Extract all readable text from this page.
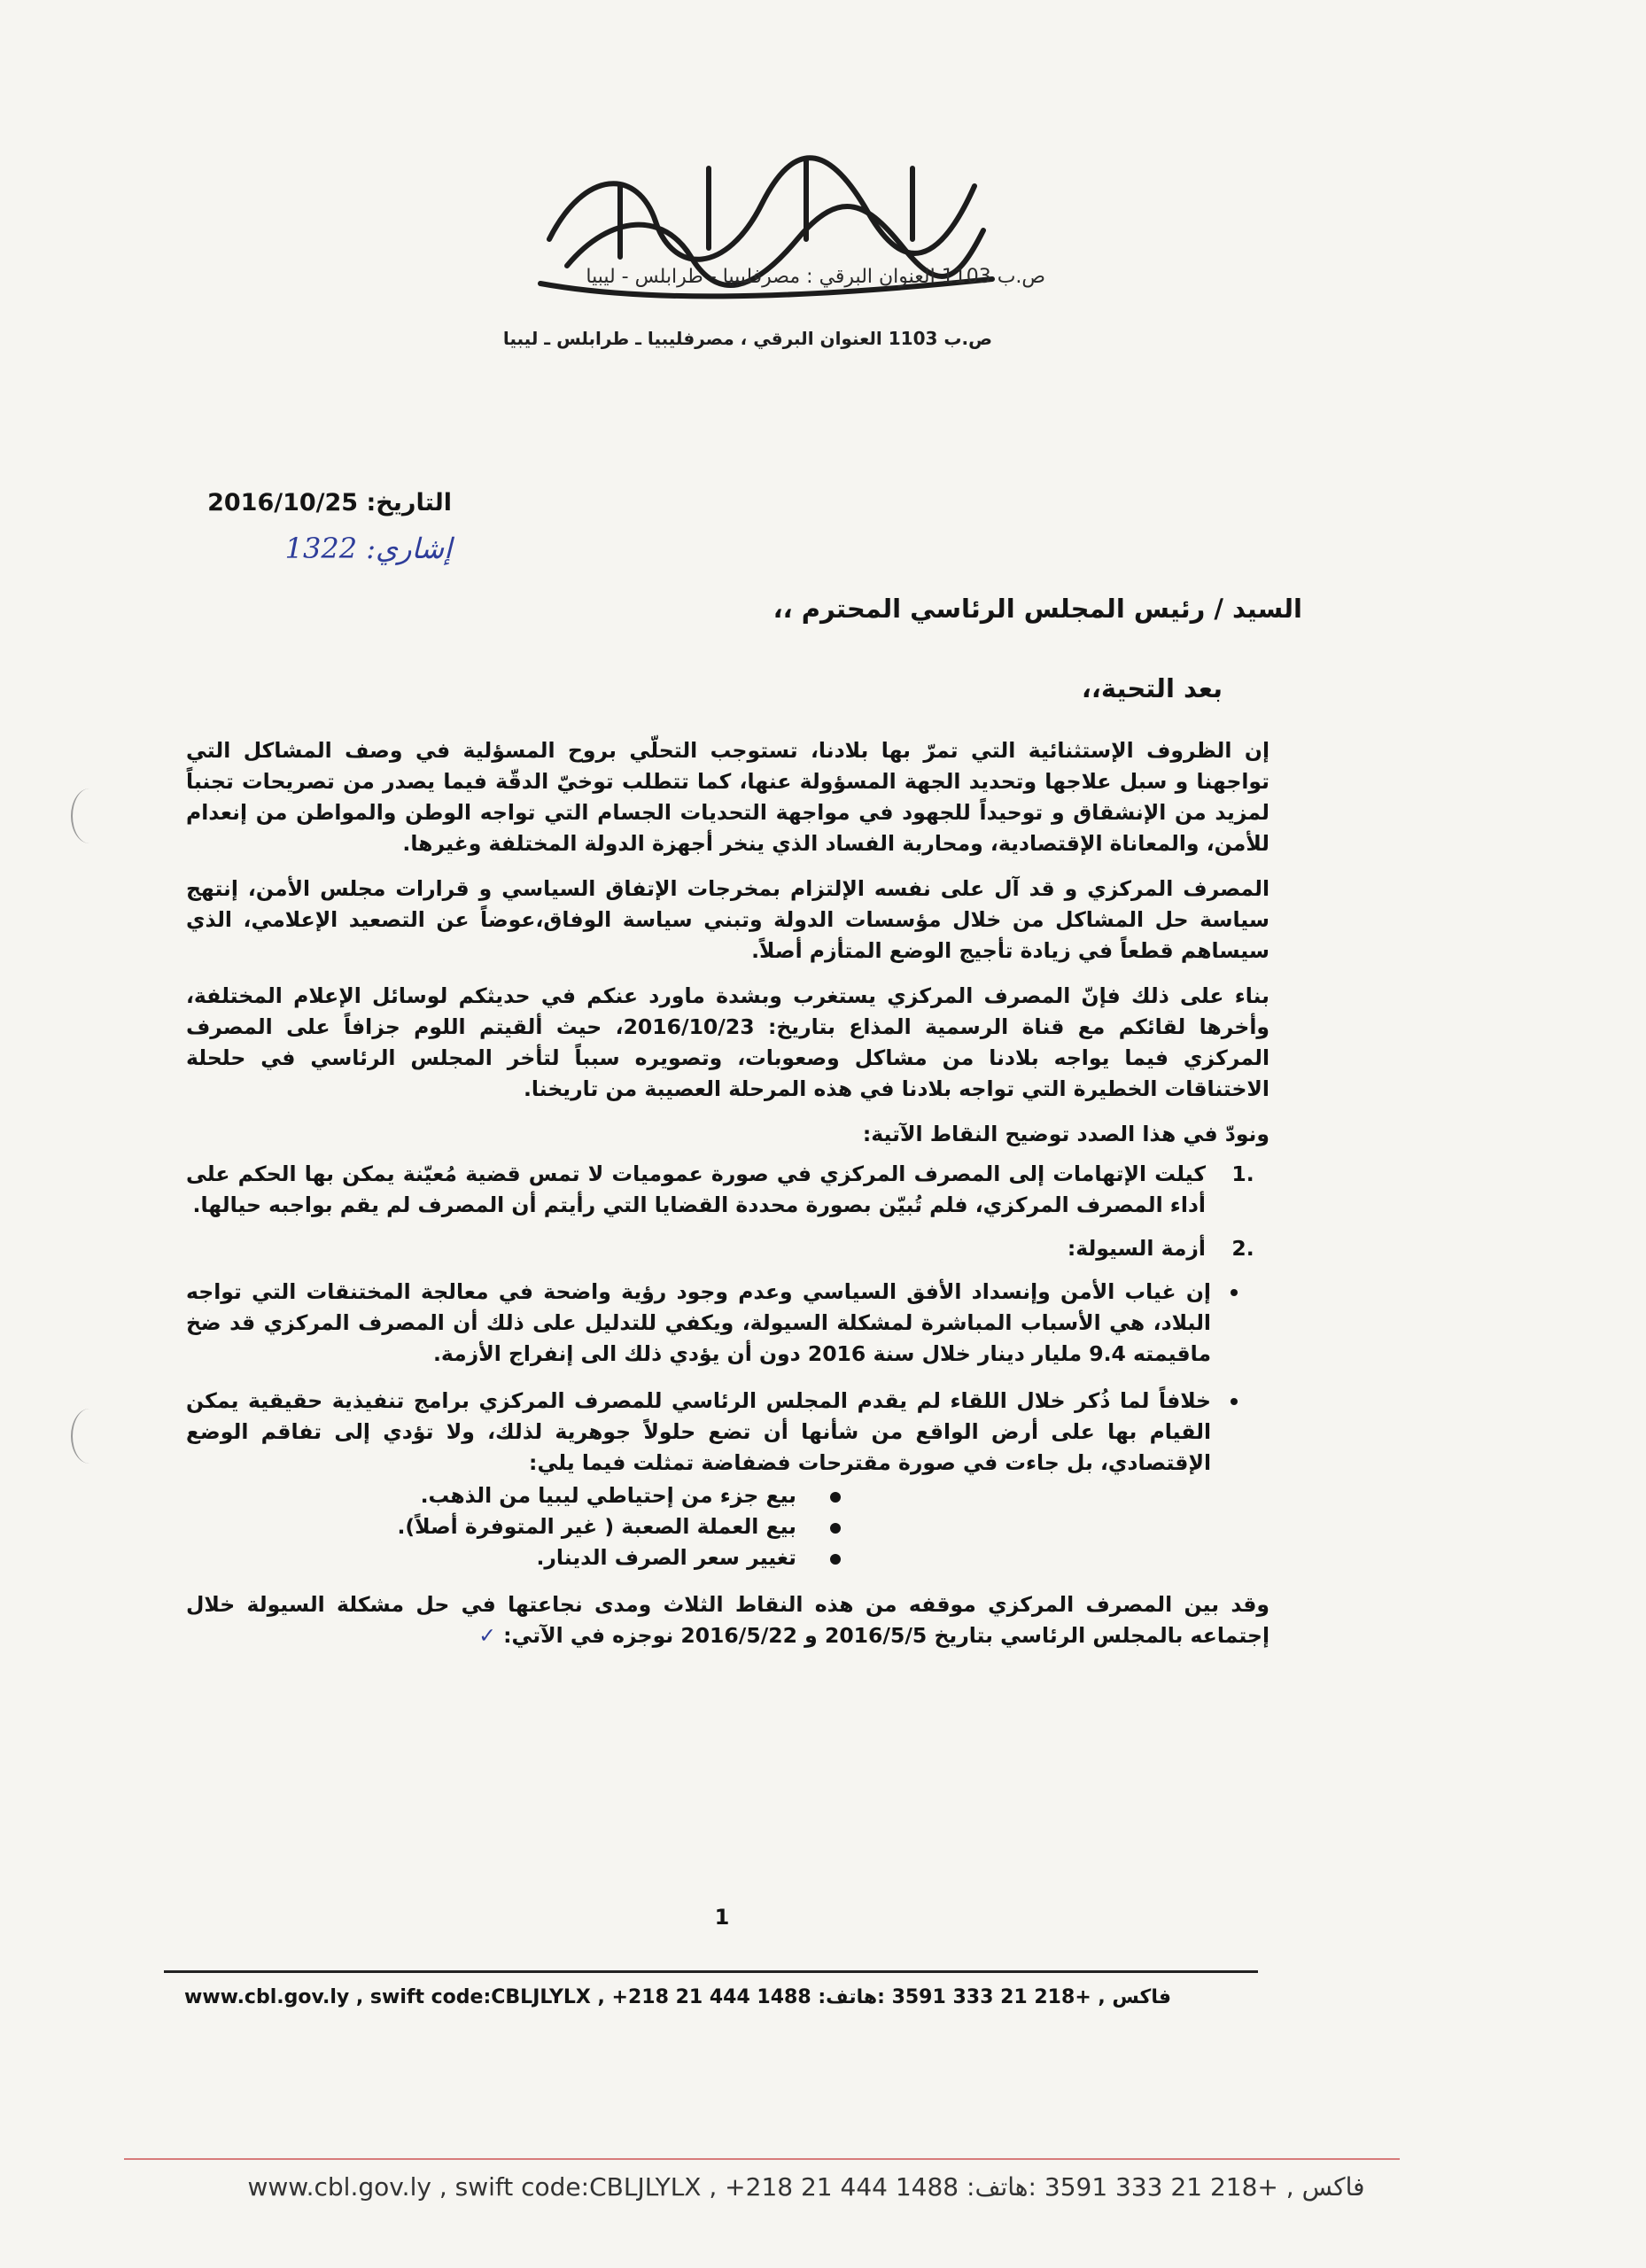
ص.ب 1103 العنوان البرقي : مصرفليبيا - طرابلس - ليبيا
ص.ب 1103 العنوان البرقي ، مصرفليبيا ـ طرابلس ـ ليبيا
التاريخ: 2016/10/25
إشاري: 1322
السيد / رئيس المجلس الرئاسي المحترم ،،
بعد التحية،،

إن الظروف الإستثنائية التي تمرّ بها بلادنا، تستوجب التحلّي بروح المسؤلية في وصف المشاكل التي تواجهنا و سبل علاجها وتحديد الجهة المسؤولة عنها، كما تتطلب توخيّ الدقّة فيما يصدر من تصريحات تجنباً لمزيد من الإنشقاق و توحيداً للجهود في مواجهة التحديات الجسام التي تواجه الوطن والمواطن من إنعدام للأمن، والمعاناة الإقتصادية، ومحاربة الفساد الذي ينخر أجهزة الدولة المختلفة وغيرها.

المصرف المركزي و قد آل على نفسه الإلتزام بمخرجات الإتفاق السياسي و قرارات مجلس الأمن، إنتهج سياسة حل المشاكل من خلال مؤسسات الدولة وتبني سياسة الوفاق،عوضاً عن التصعيد الإعلامي، الذي سيساهم قطعاً في زيادة تأجيج الوضع المتأزم أصلاً.

بناء على ذلك فإنّ المصرف المركزي يستغرب وبشدة ماورد عنكم في حديثكم لوسائل الإعلام المختلفة، وأخرها لقائكم مع قناة الرسمية المذاع بتاريخ: 2016/10/23، حيث ألقيتم اللوم جزافاً على المصرف المركزي فيما يواجه بلادنا من مشاكل وصعوبات، وتصويره سبباً لتأخر المجلس الرئاسي في حلحلة الاختناقات الخطيرة التي تواجه بلادنا في هذه المرحلة العصيبة من تاريخنا.

ونودّ في هذا الصدد توضيح النقاط الآتية:
.1
كيلت الإتهامات إلى المصرف المركزي في صورة عموميات لا تمس قضية مُعيّنة يمكن بها الحكم على أداء المصرف المركزي، فلم تُبيّن بصورة محددة القضايا التي رأيتم أن المصرف لم يقم بواجبه حيالها.
.2
أزمة السيولة:
إن غياب الأمن وإنسداد الأفق السياسي وعدم وجود رؤية واضحة في معالجة المختنقات التي تواجه البلاد، هي الأسباب المباشرة لمشكلة السيولة، ويكفي للتدليل على ذلك أن المصرف المركزي قد ضخ ماقيمته 9.4 مليار دينار خلال سنة 2016 دون أن يؤدي ذلك الى إنفراج الأزمة.
خلافاً لما ذُكر خلال اللقاء لم يقدم المجلس الرئاسي للمصرف المركزي برامج تنفيذية حقيقية يمكن القيام بها على أرض الواقع من شأنها أن تضع حلولاً جوهرية لذلك، ولا تؤدي إلى تفاقم الوضع الإقتصادي، بل جاءت في صورة مقترحات فضفاضة تمثلت فيما يلي:
بيع جزء من إحتياطي ليبيا من الذهب.
بيع العملة الصعبة ( غير المتوفرة أصلاً).
تغيير سعر الصرف الدينار.

وقد بين المصرف المركزي موقفه من هذه النقاط الثلاث ومدى نجاعتها في حل مشكلة السيولة خلال إجتماعه بالمجلس الرئاسي بتاريخ 2016/5/5 و 2016/5/22 نوجزه في الآتي: ✓

1
www.cbl.gov.ly , swift code:CBLJLYLX , +218 21 444 1488 :فاكس , +218 21 333 3591 :هاتف
www.cbl.gov.ly , swift code:CBLJLYLX , +218 21 444 1488 :فاكس , +218 21 333 3591 :هاتف
